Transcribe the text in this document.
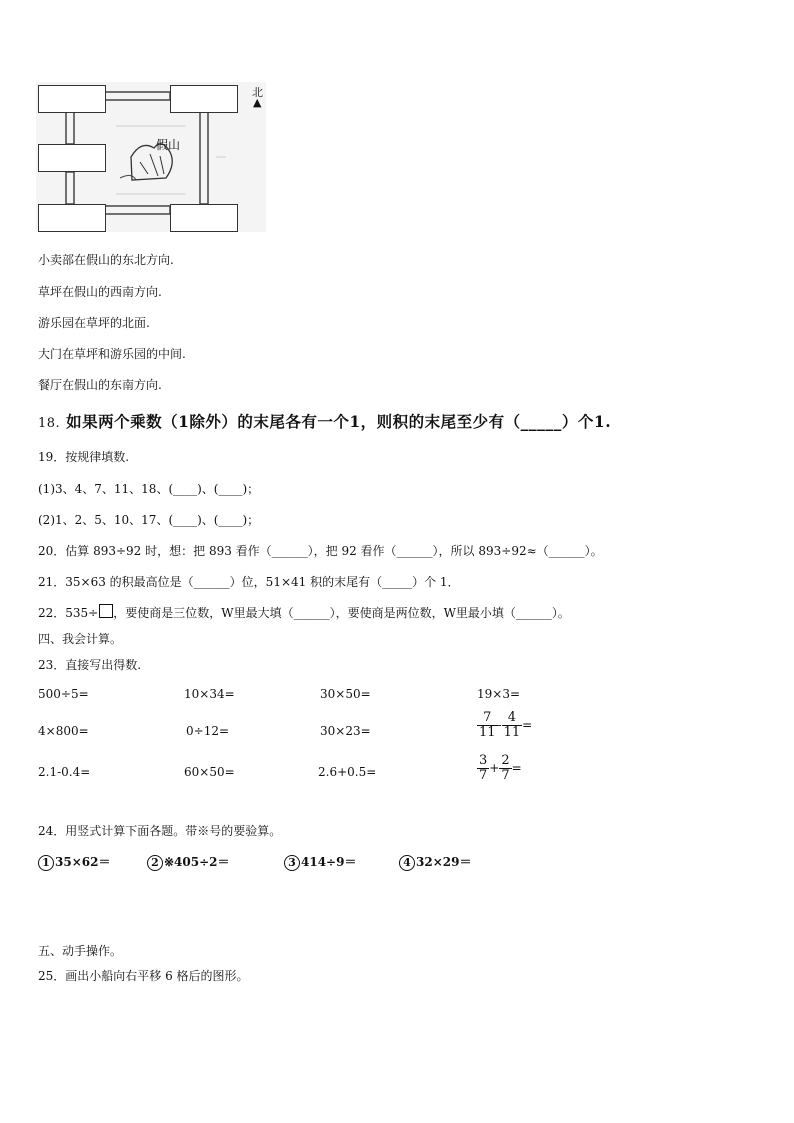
假山
北
▲
小卖部在假山的东北方向.
草坪在假山的西南方向.
游乐园在草坪的北面.
大门在草坪和游乐园的中间.
餐厅在假山的东南方向.
18. 如果两个乘数（1除外）的末尾各有一个1，则积的末尾至少有（_____）个1.
19．按规律填数.
(1)3、4、7、11、18、(____)、(____)；
(2)1、2、5、10、17、(____)、(____)；
20．估算 893÷92 时，想：把 893 看作（______），把 92 看作（______），所以 893÷92≈（______）。
21．35×63 的积最高位是（______）位，51×41 积的末尾有（_____）个 1．
22．535÷ ，要使商是三位数，W里最大填（______），要使商是两位数，W里最小填（______）。
四、我会计算。
23．直接写出得数.
500÷5=	10×34=	30×50=	19×3=
4×800=	0÷12=	30×23=	$\frac{7}{11} - \frac{4}{11}$ =
2.1-0.4=	60×50=	2.6+0.5=	$\frac{3}{7} + \frac{2}{7}$ =
24．用竖式计算下面各题。带※号的要验算。
1 35×62＝	2 ※405÷2＝	3 414÷9＝	4 32×29＝
五、动手操作。
25．画出小船向右平移 6 格后的图形。
